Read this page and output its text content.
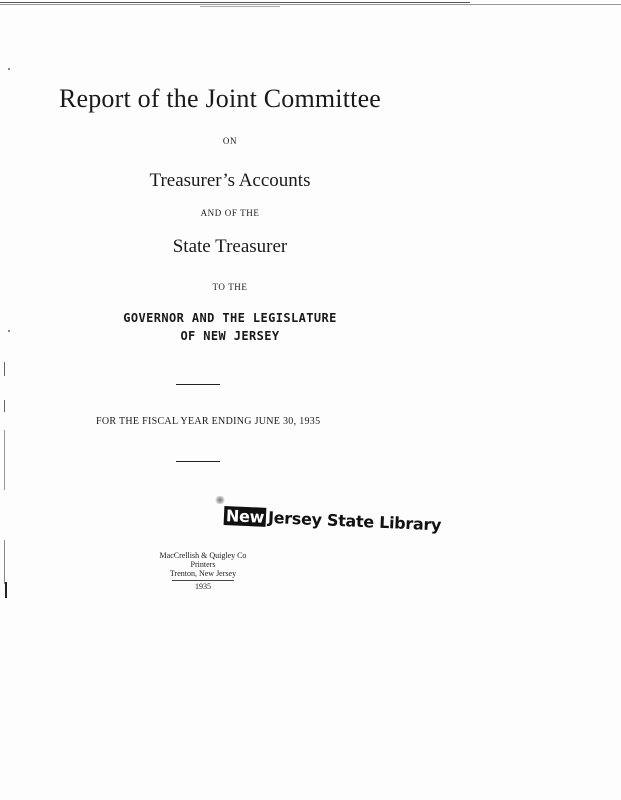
Report of the Joint Committee
ON
Treasurer’s Accounts
AND OF THE
State Treasurer
TO THE
GOVERNOR AND THE LEGISLATURE
OF NEW JERSEY
FOR THE FISCAL YEAR ENDING JUNE 30, 1935
New Jersey State Library
MacCrellish & Quigley Co
Printers
Trenton, New Jersey
1935
